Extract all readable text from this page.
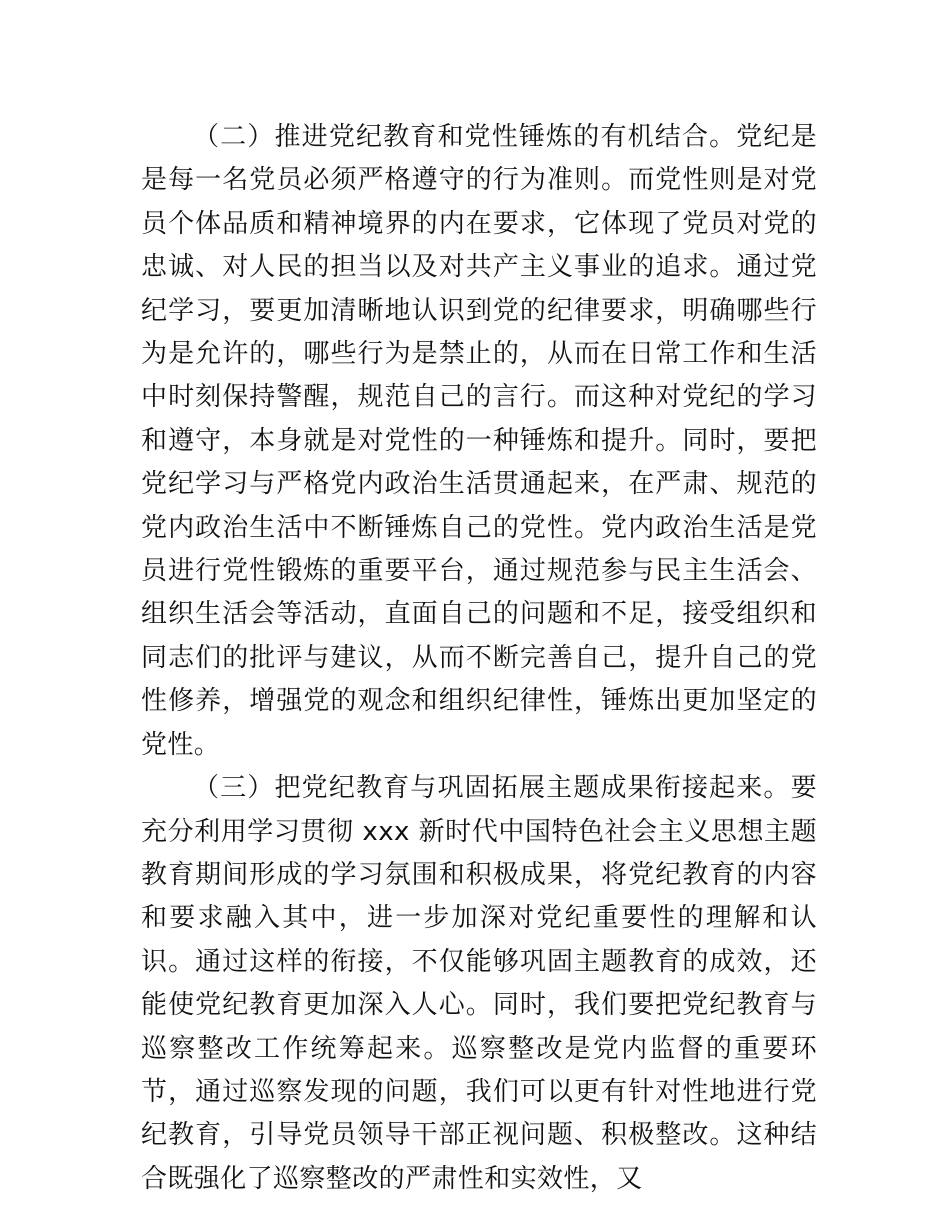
（二）推进党纪教育和党性锤炼的有机结合。党纪是是每一名党员必须严格遵守的行为准则。而党性则是对党员个体品质和精神境界的内在要求，它体现了党员对党的忠诚、对人民的担当以及对共产主义事业的追求。通过党纪学习，要更加清晰地认识到党的纪律要求，明确哪些行为是允许的，哪些行为是禁止的，从而在日常工作和生活中时刻保持警醒，规范自己的言行。而这种对党纪的学习和遵守，本身就是对党性的一种锤炼和提升。同时，要把党纪学习与严格党内政治生活贯通起来，在严肃、规范的党内政治生活中不断锤炼自己的党性。党内政治生活是党员进行党性锻炼的重要平台，通过规范参与民主生活会、组织生活会等活动，直面自己的问题和不足，接受组织和同志们的批评与建议，从而不断完善自己，提升自己的党性修养，增强党的观念和组织纪律性，锤炼出更加坚定的党性。

（三）把党纪教育与巩固拓展主题成果衔接起来。要充分利用学习贯彻 xxx 新时代中国特色社会主义思想主题教育期间形成的学习氛围和积极成果，将党纪教育的内容和要求融入其中，进一步加深对党纪重要性的理解和认识。通过这样的衔接，不仅能够巩固主题教育的成效，还能使党纪教育更加深入人心。同时，我们要把党纪教育与巡察整改工作统筹起来。巡察整改是党内监督的重要环节，通过巡察发现的问题，我们可以更有针对性地进行党纪教育，引导党员领导干部正视问题、积极整改。这种结合既强化了巡察整改的严肃性和实效性，又
